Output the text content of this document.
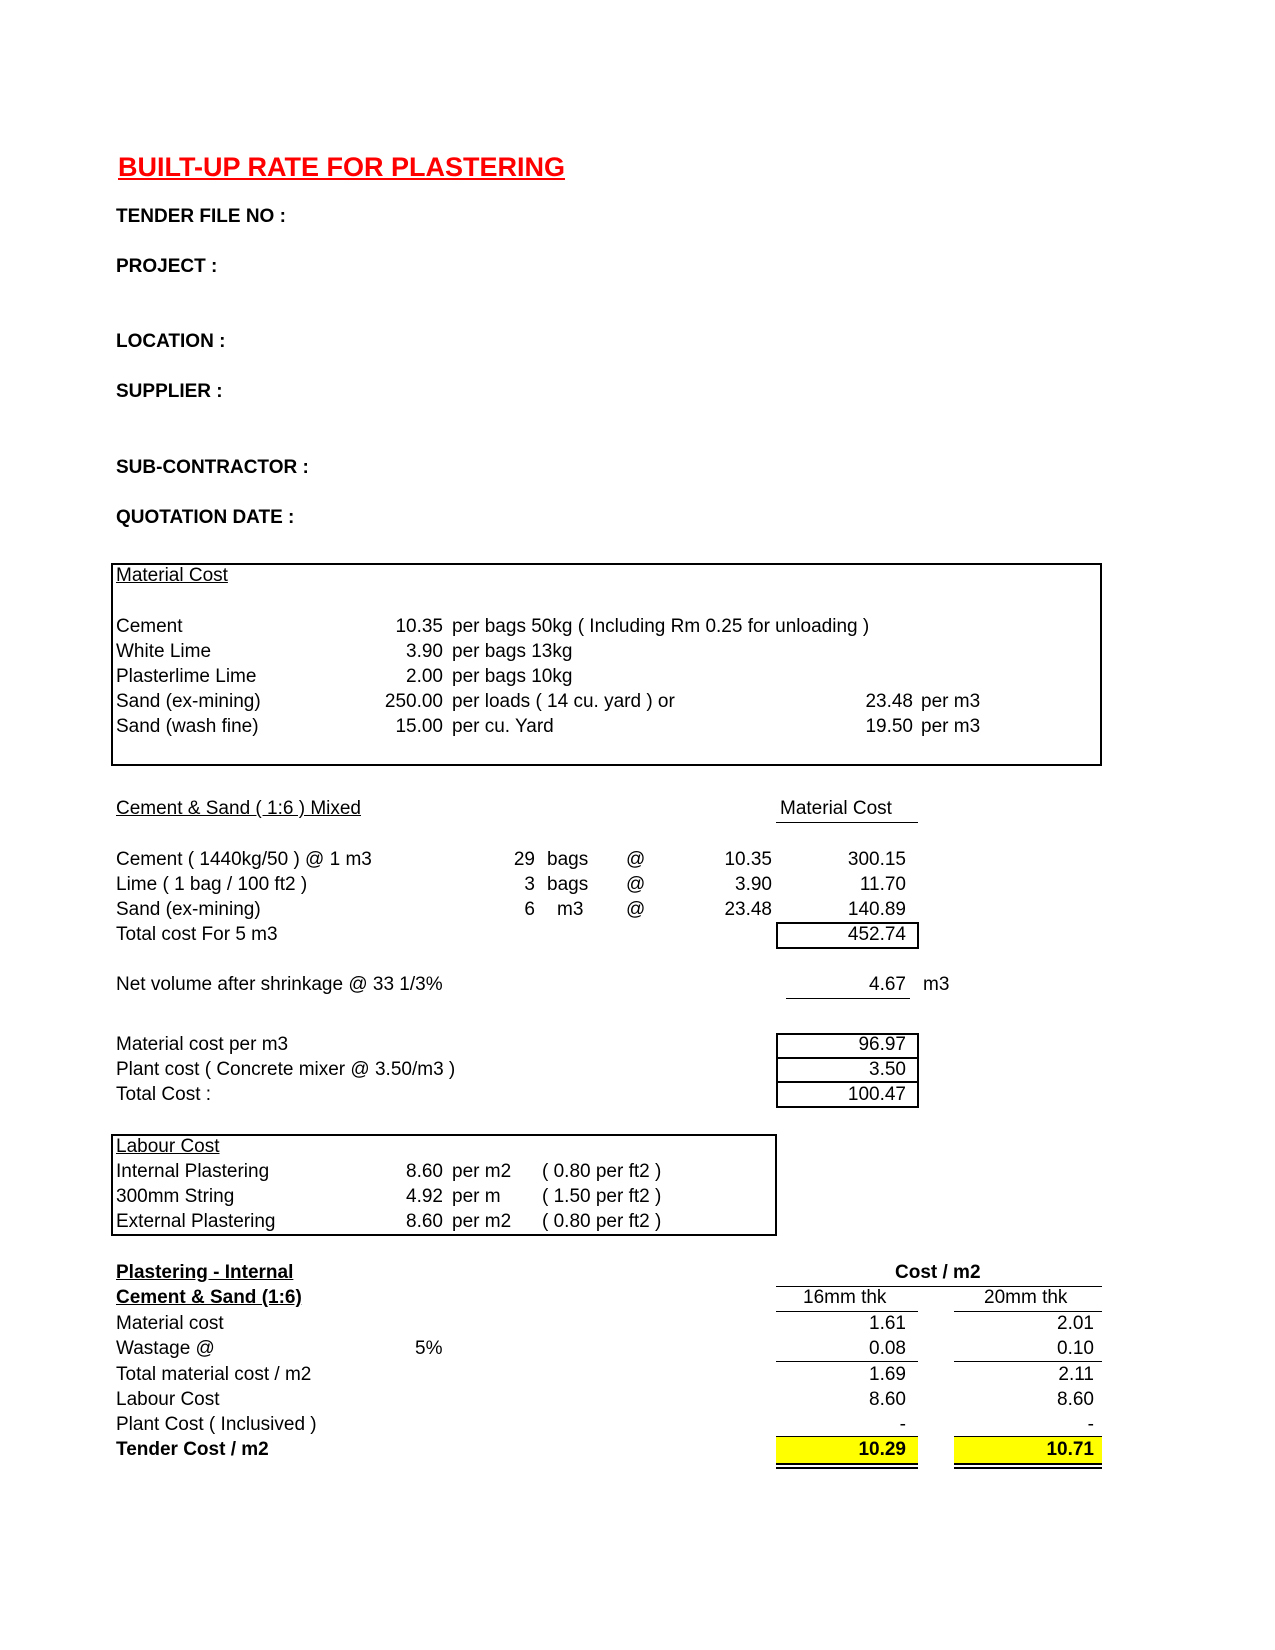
BUILT-UP RATE FOR PLASTERING
TENDER FILE NO :
PROJECT :
LOCATION :
SUPPLIER :
SUB-CONTRACTOR :
QUOTATION DATE :
Material Cost
Cement	10.35 per bags 50kg ( Including Rm 0.25 for unloading )
White Lime	3.90 per bags 13kg
Plasterlime Lime	2.00 per bags 10kg
Sand (ex-mining)	250.00 per loads ( 14 cu. yard ) or	23.48 per m3
Sand (wash fine)	15.00 per cu. Yard	19.50 per m3
Cement & Sand ( 1:6 ) Mixed	Material Cost
Cement ( 1440kg/50 ) @ 1 m3	29 bags @	10.35	300.15
Lime ( 1 bag / 100 ft2 )	3 bags @	3.90	11.70
Sand (ex-mining)	6 m3 @	23.48	140.89
Total cost For 5 m3	452.74
Net volume after shrinkage @ 33 1/3%	4.67 m3
Material cost per m3	96.97
Plant cost ( Concrete mixer @ 3.50/m3 )	3.50
Total Cost :	100.47
Labour Cost
Internal Plastering	8.60 per m2 ( 0.80 per ft2 )
300mm String	4.92 per m ( 1.50 per ft2 )
External Plastering	8.60 per m2 ( 0.80 per ft2 )
Plastering - Internal
Cement & Sand (1:6)
Cost / m2
16mm thk	20mm thk
Material cost	1.61	2.01
Wastage @	5%	0.08	0.10
Total material cost / m2	1.69	2.11
Labour Cost	8.60	8.60
Plant Cost ( Inclusived )	-	-
Tender Cost / m2	10.29	10.71
